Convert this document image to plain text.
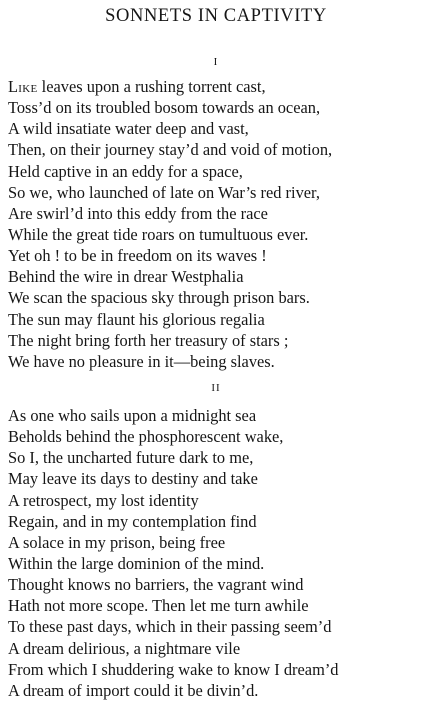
SONNETS IN CAPTIVITY
I
Like leaves upon a rushing torrent cast,
Toss’d on its troubled bosom towards an ocean,
A wild insatiate water deep and vast,
Then, on their journey stay’d and void of motion,
Held captive in an eddy for a space,
So we, who launched of late on War’s red river,
Are swirl’d into this eddy from the race
While the great tide roars on tumultuous ever.
Yet oh ! to be in freedom on its waves !
Behind the wire in drear Westphalia
We scan the spacious sky through prison bars.
The sun may flaunt his glorious regalia
The night bring forth her treasury of stars ;
We have no pleasure in it—being slaves.
II
As one who sails upon a midnight sea
Beholds behind the phosphorescent wake,
So I, the uncharted future dark to me,
May leave its days to destiny and take
A retrospect, my lost identity
Regain, and in my contemplation find
A solace in my prison, being free
Within the large dominion of the mind.
Thought knows no barriers, the vagrant wind
Hath not more scope. Then let me turn awhile
To these past days, which in their passing seem’d
A dream delirious, a nightmare vile
From which I shuddering wake to know I dream’d
A dream of import could it be divin’d.
